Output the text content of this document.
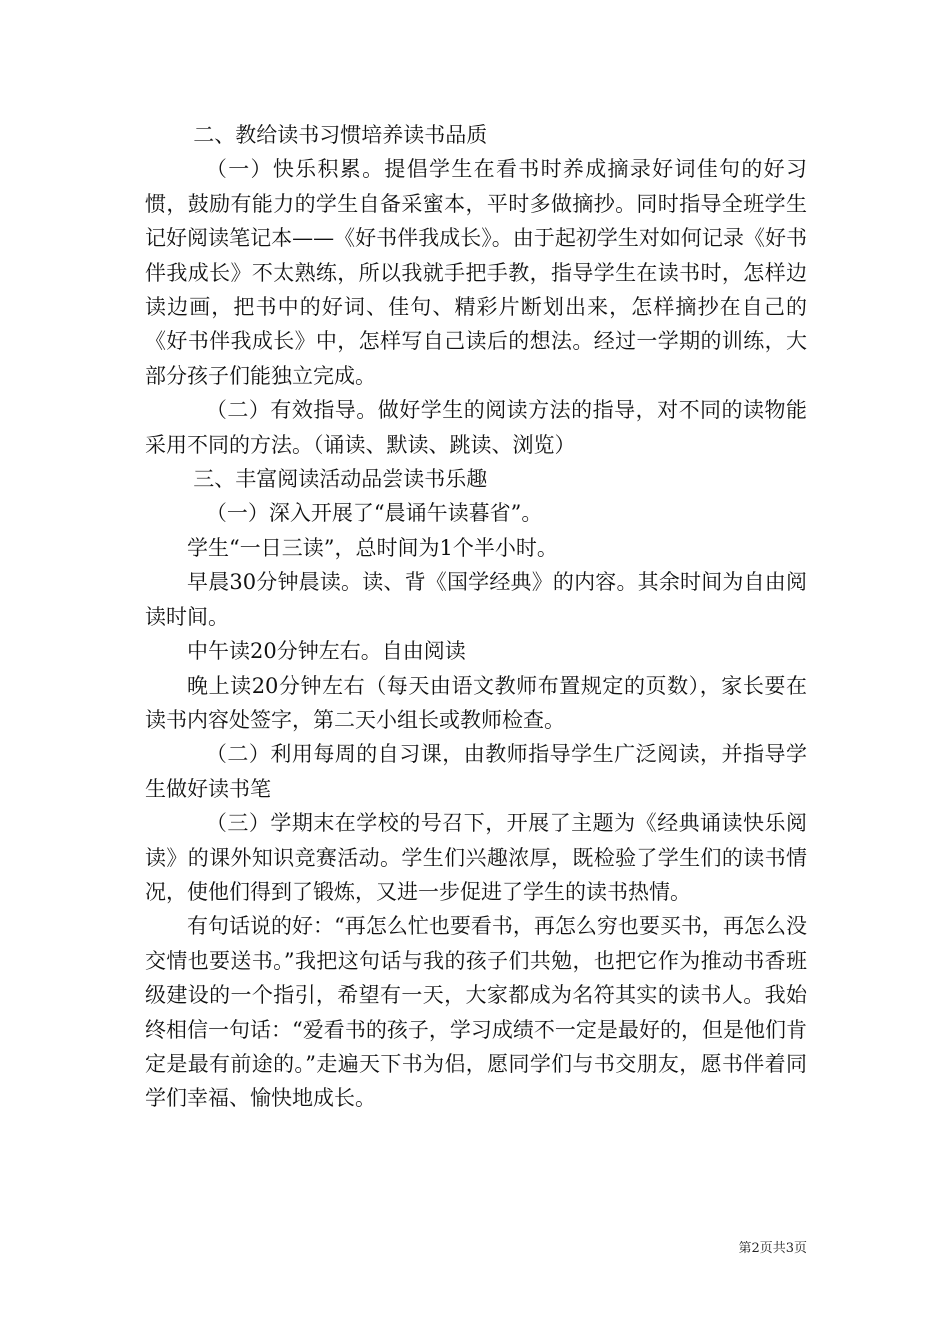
二、教给读书习惯培养读书品质

（一）快乐积累。提倡学生在看书时养成摘录好词佳句的好习惯，鼓励有能力的学生自备采蜜本，平时多做摘抄。同时指导全班学生记好阅读笔记本——《好书伴我成长》。由于起初学生对如何记录《好书伴我成长》不太熟练，所以我就手把手教，指导学生在读书时，怎样边读边画，把书中的好词、佳句、精彩片断划出来，怎样摘抄在自己的《好书伴我成长》中，怎样写自己读后的想法。经过一学期的训练，大部分孩子们能独立完成。

（二）有效指导。做好学生的阅读方法的指导，对不同的读物能采用不同的方法。（诵读、默读、跳读、浏览）

三、丰富阅读活动品尝读书乐趣

（一）深入开展了“晨诵午读暮省”。

学生“一日三读”，总时间为1个半小时。

早晨30分钟晨读。读、背《国学经典》的内容。其余时间为自由阅读时间。

中午读20分钟左右。自由阅读

晚上读20分钟左右（每天由语文教师布置规定的页数），家长要在读书内容处签字，第二天小组长或教师检查。

（二）利用每周的自习课，由教师指导学生广泛阅读，并指导学生做好读书笔

（三）学期末在学校的号召下，开展了主题为《经典诵读快乐阅读》的课外知识竞赛活动。学生们兴趣浓厚，既检验了学生们的读书情况，使他们得到了锻炼，又进一步促进了学生的读书热情。

有句话说的好：“再怎么忙也要看书，再怎么穷也要买书，再怎么没交情也要送书。”我把这句话与我的孩子们共勉，也把它作为推动书香班级建设的一个指引，希望有一天，大家都成为名符其实的读书人。我始终相信一句话：“爱看书的孩子，学习成绩不一定是最好的，但是他们肯定是最有前途的。”走遍天下书为侣，愿同学们与书交朋友，愿书伴着同学们幸福、愉快地成长。

第2页共3页
